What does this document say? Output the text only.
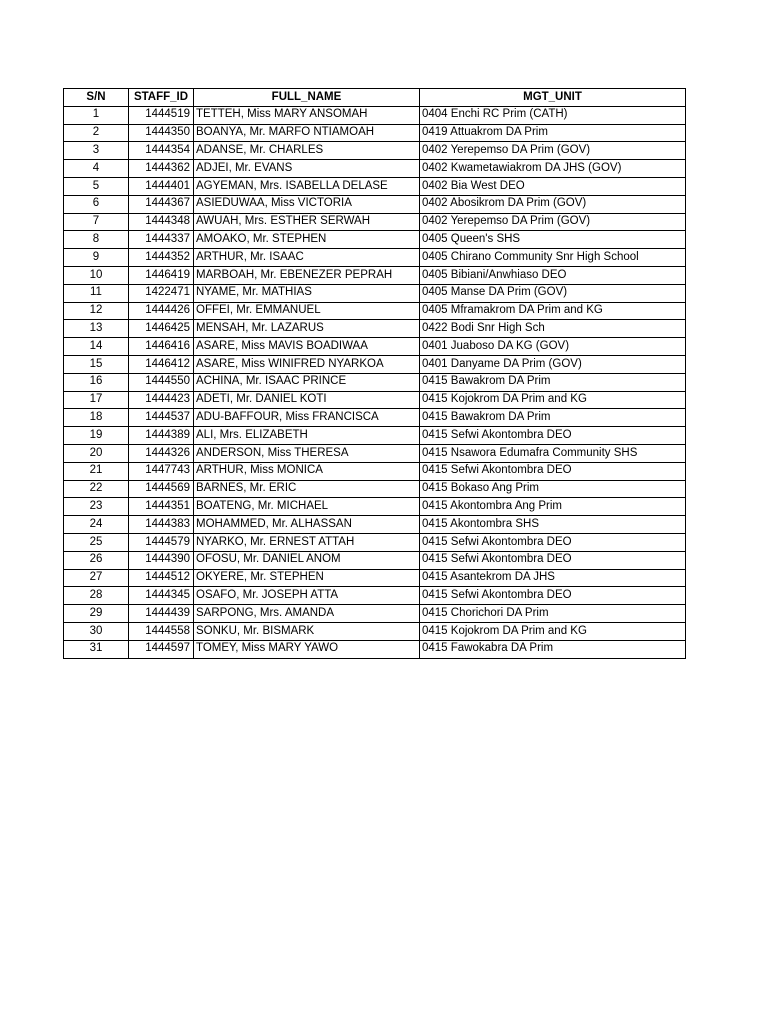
S/N	STAFF_ID	FULL_NAME	MGT_UNIT
1	1444519	TETTEH, Miss MARY ANSOMAH	0404 Enchi RC Prim (CATH)
2	1444350	BOANYA, Mr. MARFO NTIAMOAH	0419 Attuakrom DA Prim
3	1444354	ADANSE, Mr. CHARLES	0402 Yerepemso DA Prim (GOV)
4	1444362	ADJEI, Mr. EVANS	0402 Kwametawiakrom DA JHS (GOV)
5	1444401	AGYEMAN, Mrs. ISABELLA DELASE	0402 Bia West DEO
6	1444367	ASIEDUWAA, Miss VICTORIA	0402 Abosikrom DA Prim (GOV)
7	1444348	AWUAH, Mrs. ESTHER SERWAH	0402 Yerepemso DA Prim (GOV)
8	1444337	AMOAKO, Mr. STEPHEN	0405 Queen's SHS
9	1444352	ARTHUR, Mr. ISAAC	0405 Chirano Community Snr High School
10	1446419	MARBOAH, Mr. EBENEZER PEPRAH	0405 Bibiani/Anwhiaso DEO
11	1422471	NYAME, Mr. MATHIAS	0405 Manse DA Prim (GOV)
12	1444426	OFFEI, Mr. EMMANUEL	0405 Mframakrom DA Prim and KG
13	1446425	MENSAH, Mr. LAZARUS	0422 Bodi Snr High Sch
14	1446416	ASARE, Miss MAVIS BOADIWAA	0401 Juaboso DA KG (GOV)
15	1446412	ASARE, Miss WINIFRED NYARKOA	0401 Danyame DA Prim (GOV)
16	1444550	ACHINA, Mr. ISAAC PRINCE	0415 Bawakrom DA Prim
17	1444423	ADETI, Mr. DANIEL KOTI	0415 Kojokrom DA Prim and KG
18	1444537	ADU-BAFFOUR, Miss FRANCISCA	0415 Bawakrom DA Prim
19	1444389	ALI, Mrs. ELIZABETH	0415 Sefwi Akontombra DEO
20	1444326	ANDERSON, Miss THERESA	0415 Nsawora Edumafra Community SHS
21	1447743	ARTHUR, Miss MONICA	0415 Sefwi Akontombra DEO
22	1444569	BARNES, Mr. ERIC	0415 Bokaso Ang Prim
23	1444351	BOATENG, Mr. MICHAEL	0415 Akontombra Ang Prim
24	1444383	MOHAMMED, Mr. ALHASSAN	0415 Akontombra SHS
25	1444579	NYARKO, Mr. ERNEST ATTAH	0415 Sefwi Akontombra DEO
26	1444390	OFOSU, Mr. DANIEL ANOM	0415 Sefwi Akontombra DEO
27	1444512	OKYERE, Mr. STEPHEN	0415 Asantekrom DA JHS
28	1444345	OSAFO, Mr. JOSEPH ATTA	0415 Sefwi Akontombra DEO
29	1444439	SARPONG, Mrs. AMANDA	0415 Chorichori DA Prim
30	1444558	SONKU, Mr. BISMARK	0415 Kojokrom DA Prim and KG
31	1444597	TOMEY, Miss MARY YAWO	0415 Fawokabra DA Prim
